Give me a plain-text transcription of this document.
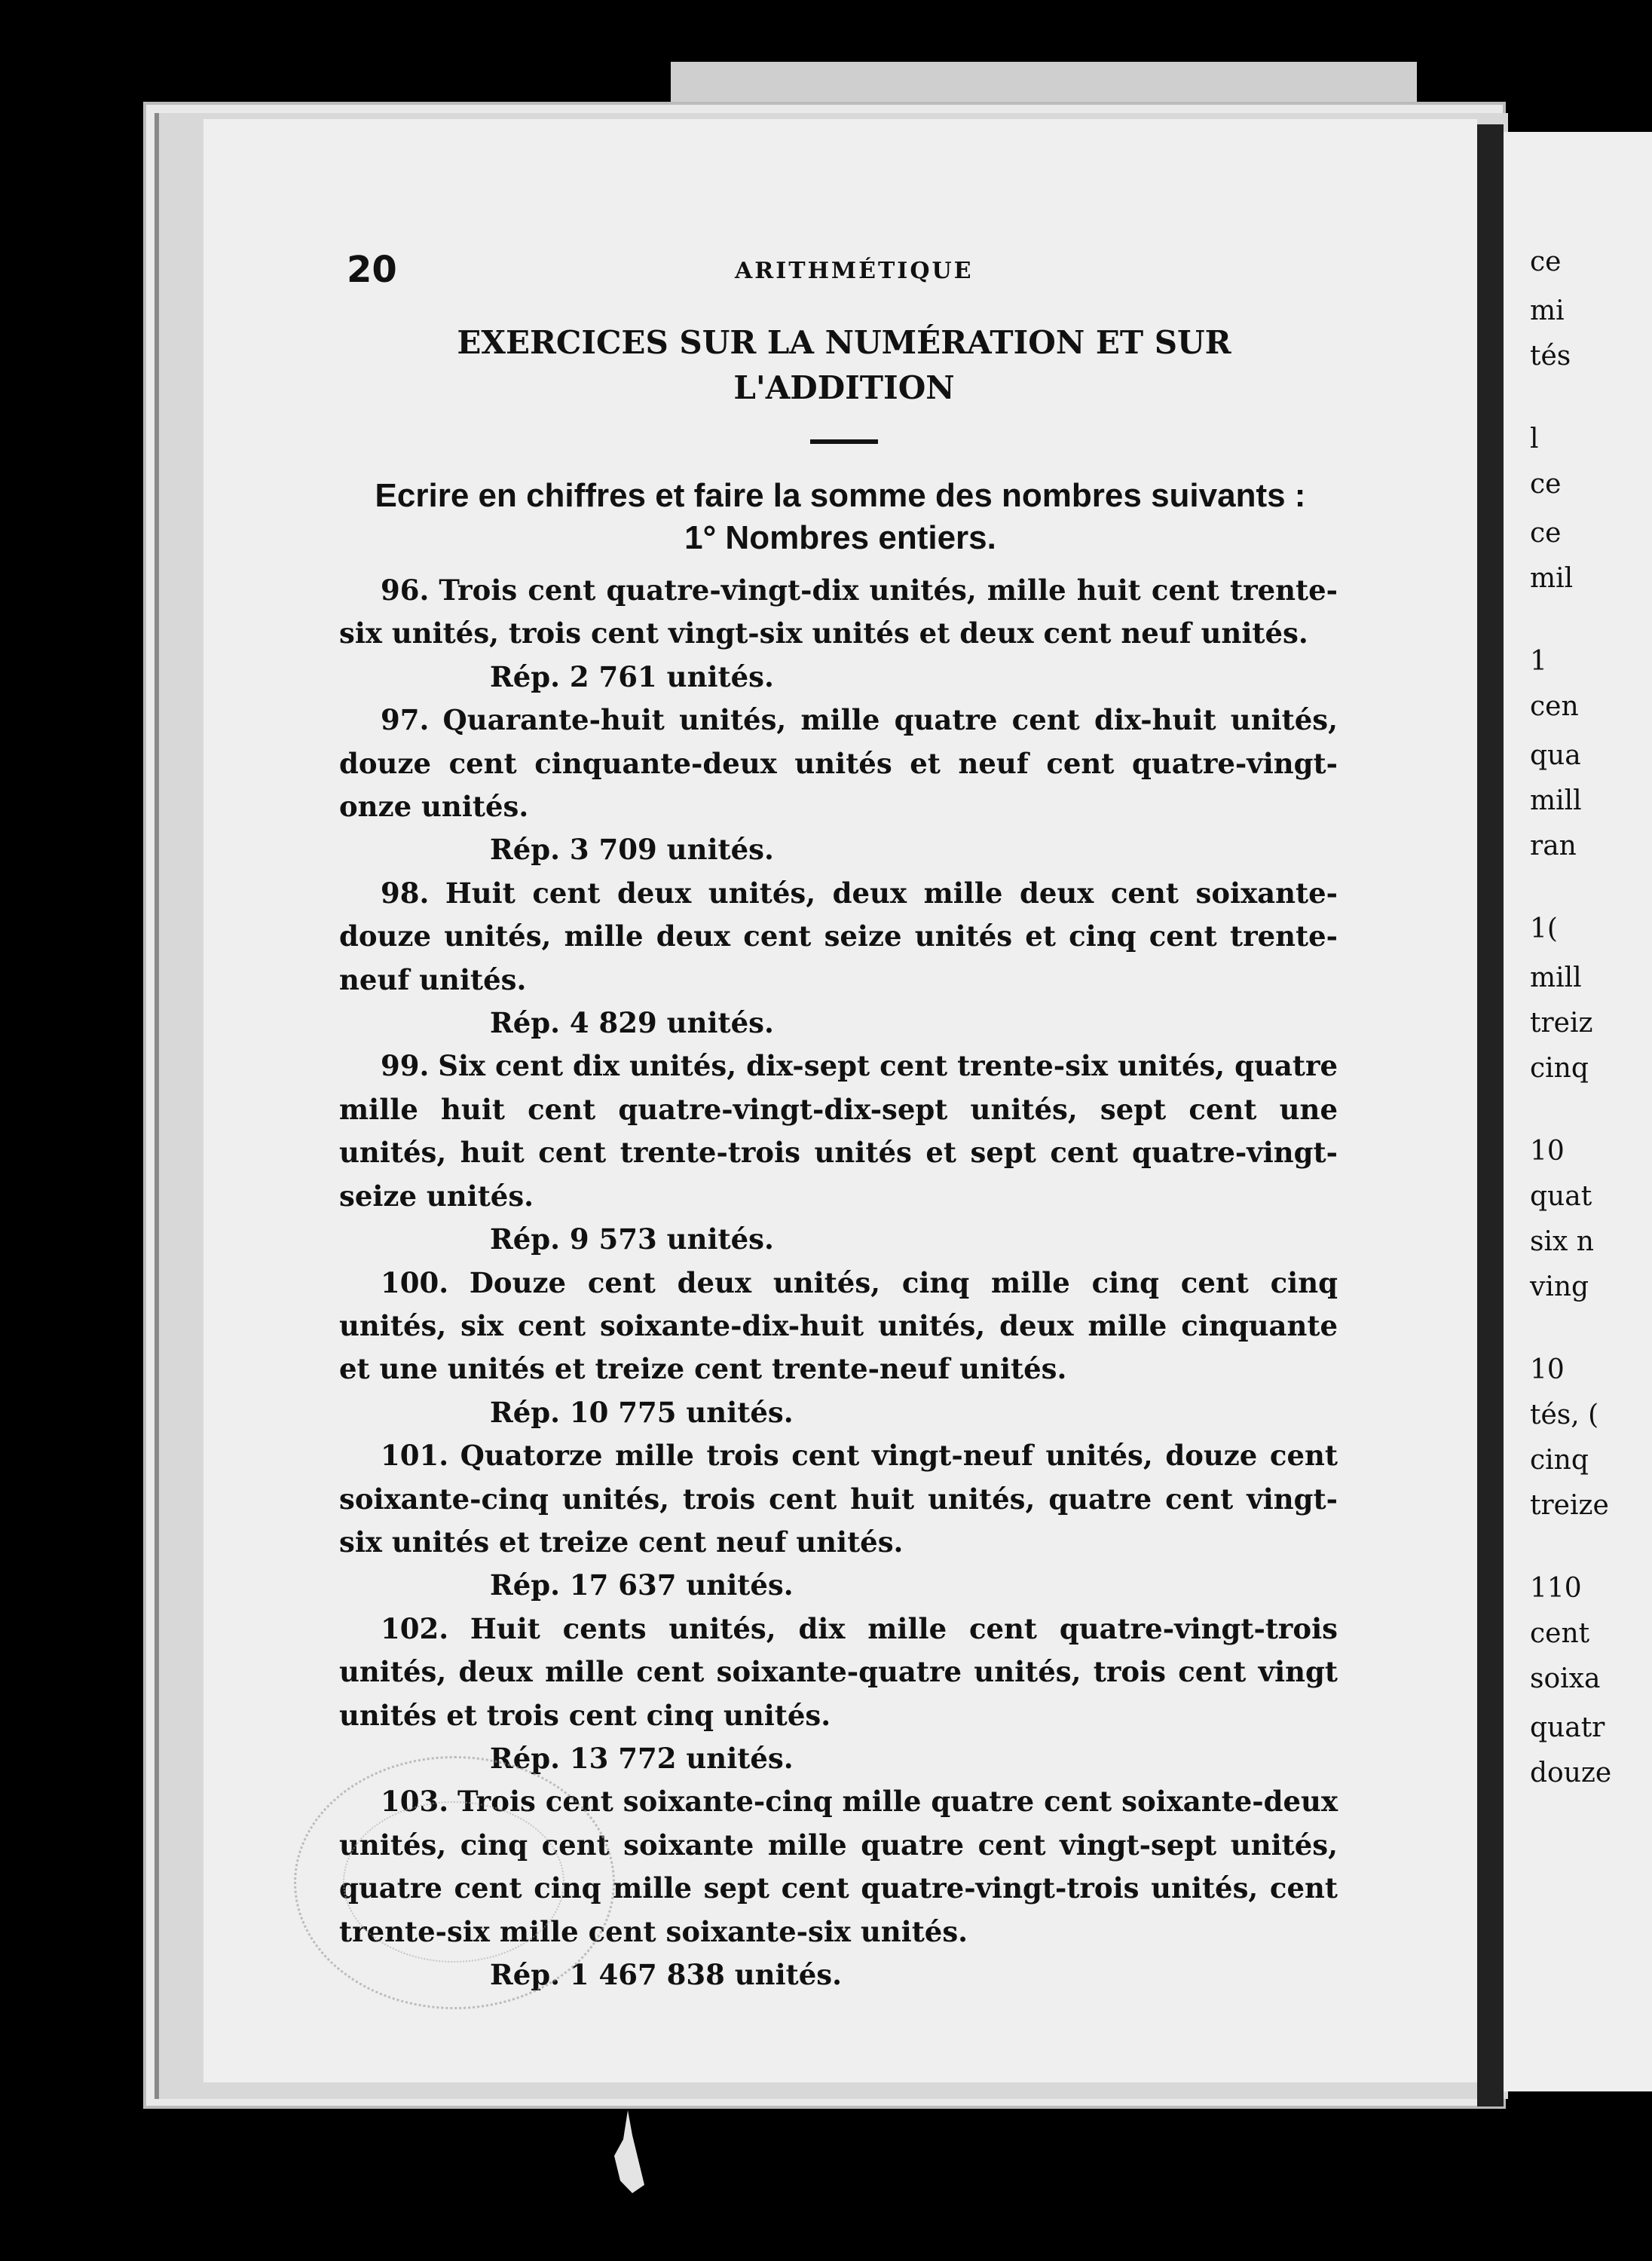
ce
mi
tés
l
ce
ce
mil
1
cen
qua
mill
ran
1(
mill
treiz
cinq
10
quat
six n
ving
10
tés, (
cinq
treize
110
cent
soixa
quatr
douze
20	ARITHMÉTIQUE
EXERCICES SUR LA NUMÉRATION ET SUR L'ADDITION
Ecrire en chiffres et faire la somme des nombres suivants : 1° Nombres entiers.

96. Trois cent quatre-vingt-dix unités, mille huit cent trente-six unités, trois cent vingt-six unités et deux cent neuf unités.

Rép. 2 761 unités.

97. Quarante-huit unités, mille quatre cent dix-huit unités, douze cent cinquante-deux unités et neuf cent quatre-vingt-onze unités.

Rép. 3 709 unités.

98. Huit cent deux unités, deux mille deux cent soixante-douze unités, mille deux cent seize unités et cinq cent trente-neuf unités.

Rép. 4 829 unités.

99. Six cent dix unités, dix-sept cent trente-six unités, quatre mille huit cent quatre-vingt-dix-sept unités, sept cent une unités, huit cent trente-trois unités et sept cent quatre-vingt-seize unités.

Rép. 9 573 unités.

100. Douze cent deux unités, cinq mille cinq cent cinq unités, six cent soixante-dix-huit unités, deux mille cinquante et une unités et treize cent trente-neuf unités.

Rép. 10 775 unités.

101. Quatorze mille trois cent vingt-neuf unités, douze cent soixante-cinq unités, trois cent huit unités, quatre cent vingt-six unités et treize cent neuf unités.

Rép. 17 637 unités.

102. Huit cents unités, dix mille cent quatre-vingt-trois unités, deux mille cent soixante-quatre unités, trois cent vingt unités et trois cent cinq unités.

Rép. 13 772 unités.

103. Trois cent soixante-cinq mille quatre cent soixante-deux unités, cinq cent soixante mille quatre cent vingt-sept unités, quatre cent cinq mille sept cent quatre-vingt-trois unités, cent trente-six mille cent soixante-six unités.

Rép. 1 467 838 unités.
